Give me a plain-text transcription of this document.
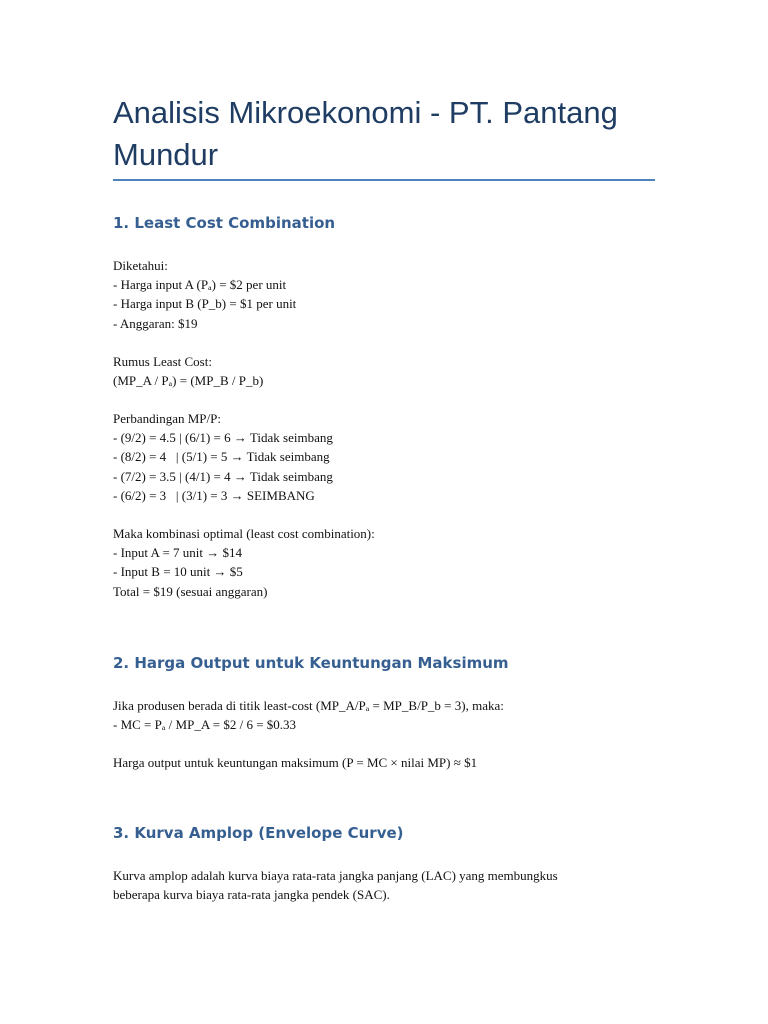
Analisis Mikroekonomi - PT. Pantang Mundur
1. Least Cost Combination
Diketahui:
- Harga input A (Pₐ) = $2 per unit
- Harga input B (P_b) = $1 per unit
- Anggaran: $19
Rumus Least Cost:
(MP_A / Pₐ) = (MP_B / P_b)
Perbandingan MP/P:
- (9/2) = 4.5 | (6/1) = 6 → Tidak seimbang
- (8/2) = 4   | (5/1) = 5 → Tidak seimbang
- (7/2) = 3.5 | (4/1) = 4 → Tidak seimbang
- (6/2) = 3   | (3/1) = 3 → SEIMBANG
Maka kombinasi optimal (least cost combination):
- Input A = 7 unit → $14
- Input B = 10 unit → $5
Total = $19 (sesuai anggaran)
2. Harga Output untuk Keuntungan Maksimum
Jika produsen berada di titik least-cost (MP_A/Pₐ = MP_B/P_b = 3), maka:
- MC = Pₐ / MP_A = $2 / 6 = $0.33
Harga output untuk keuntungan maksimum (P = MC × nilai MP) ≈ $1
3. Kurva Amplop (Envelope Curve)
Kurva amplop adalah kurva biaya rata-rata jangka panjang (LAC) yang membungkus
beberapa kurva biaya rata-rata jangka pendek (SAC).
